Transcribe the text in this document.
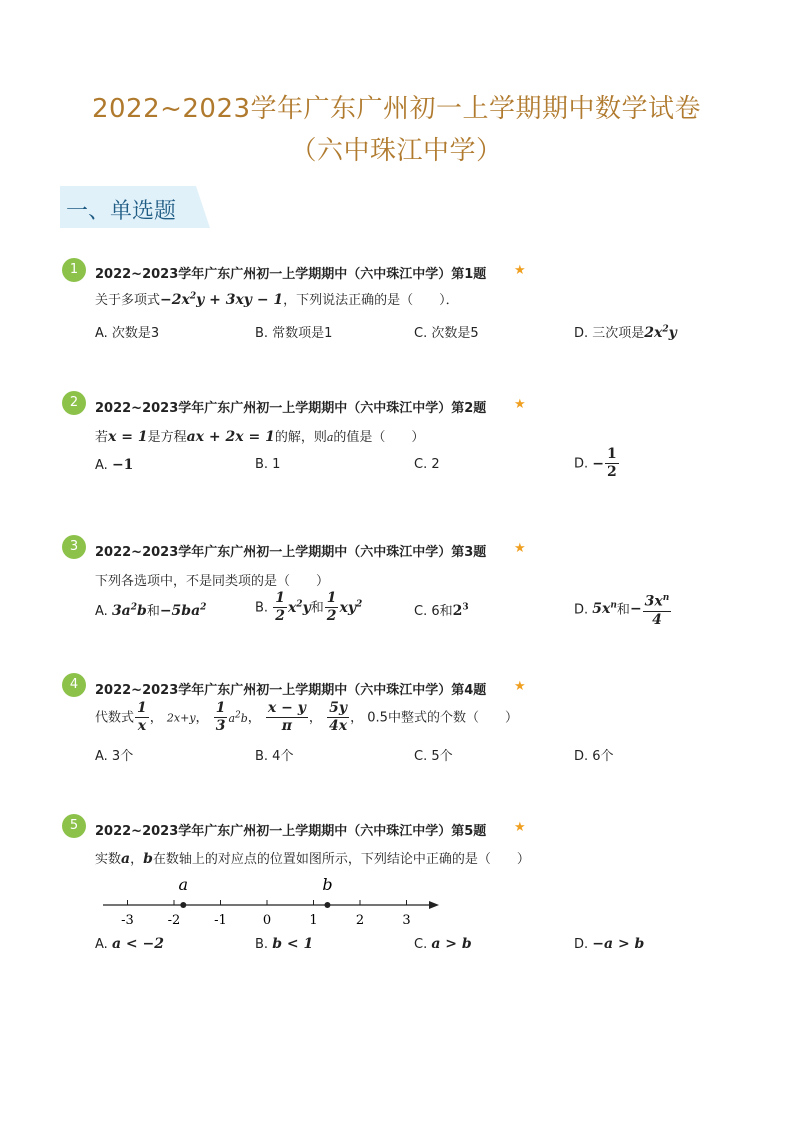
2022~2023学年广东广州初一上学期期中数学试卷
（六中珠江中学）
一、单选题
1	2022~2023学年广东广州初一上学期期中（六中珠江中学）第1题 ★
关于多项式$-2x^2y + 3xy - 1$，下列说法正确的是（　　）．
A. 次数是3	B. 常数项是1	C. 次数是5	D. 三次项是$2x^2y$
2	2022~2023学年广东广州初一上学期期中（六中珠江中学）第2题 ★
若x = 1是方程ax + 2x = 1的解，则a的值是（　　）
A. −1	B. 1	C. 2	D. − $\frac{1}{2}$
3	2022~2023学年广东广州初一上学期期中（六中珠江中学）第3题 ★
下列各选项中，不是同类项的是（　　）
A. $3a^2b$和$-5ba^2$	B. $\frac{1}{2} x^2y$和 $\frac{1}{2} xy^2$
C. 6和$2^3$	D. $5x^n$和− $\frac{3x^n}{4}$
4	2022~2023学年广东广州初一上学期期中（六中珠江中学）第4题 ★
代数式 $\frac{1}{x}$ ， 2x+y， $\frac{1}{3} a^2b$， $\frac{x - y}{\pi}$ ， $\frac{5y}{4x}$ ， 0.5中整式的个数（　　）
A. 3个	B. 4个	C. 5个	D. 6个
5	2022~2023学年广东广州初一上学期期中（六中珠江中学）第5题 ★
实数a，b在数轴上的对应点的位置如图所示，下列结论中正确的是（　　）
-3	-2	-1	0	1	2	3
a	b
A. a < −2	B. b < 1	C. a > b	D. −a > b
